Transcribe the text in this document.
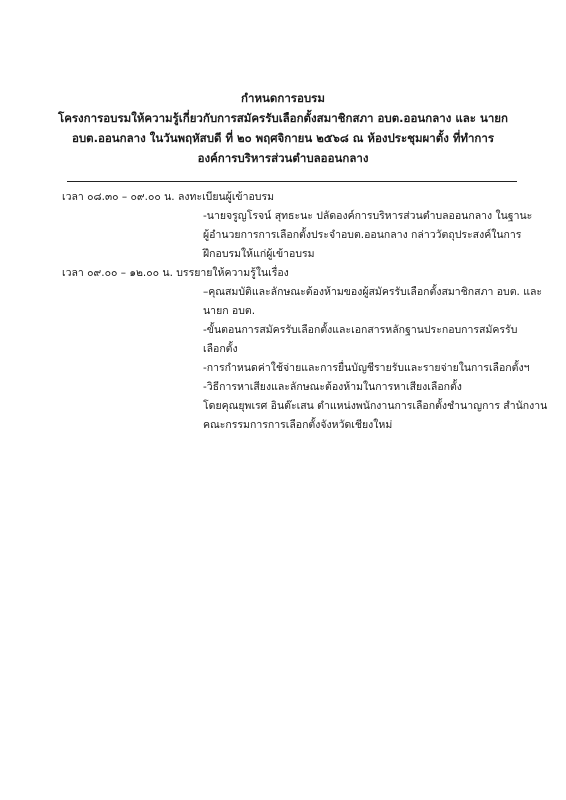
กำหนดการอบรม
โครงการอบรมให้ความรู้เกี่ยวกับการสมัครรับเลือกตั้งสมาชิกสภา อบต.ออนกลาง และ นายก
อบต.ออนกลาง ในวันพฤหัสบดี ที่ ๒๐ พฤศจิกายน ๒๕๖๘ ณ ห้องประชุมผาตั้ง ที่ทำการ
องค์การบริหารส่วนตำบลออนกลาง
เวลา ๐๘.๓๐ – ๐๙.๐๐ น. ลงทะเบียนผู้เข้าอบรม
-นายจรูญโรจน์ สุทธะนะ ปลัดองค์การบริหารส่วนตำบลออนกลาง ในฐานะ
ผู้อำนวยการการเลือกตั้งประจำอบต.ออนกลาง กล่าววัตถุประสงค์ในการ
ฝึกอบรมให้แก่ผู้เข้าอบรม
เวลา ๐๙.๐๐ – ๑๒.๐๐ น. บรรยายให้ความรู้ในเรื่อง
–คุณสมบัติและลักษณะต้องห้ามของผู้สมัครรับเลือกตั้งสมาชิกสภา อบต. และ
นายก อบต.
-ขั้นตอนการสมัครรับเลือกตั้งและเอกสารหลักฐานประกอบการสมัครรับ
เลือกตั้ง
-การกำหนดค่าใช้จ่ายและการยื่นบัญชีรายรับและรายจ่ายในการเลือกตั้งฯ
-วิธีการหาเสียงและลักษณะต้องห้ามในการหาเสียงเลือกตั้ง
โดยคุณยุพเรศ อินต๊ะเสน ตำแหน่งพนักงานการเลือกตั้งชำนาญการ สำนักงาน
คณะกรรมการการเลือกตั้งจังหวัดเชียงใหม่
